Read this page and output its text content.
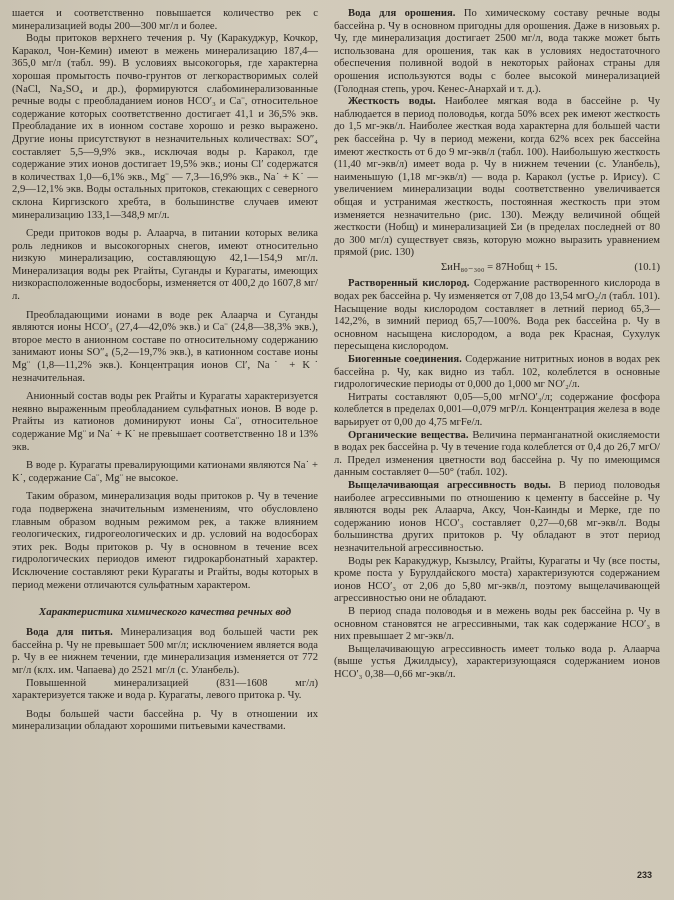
шается и соответственно повышается количество рек с минерализацией воды 200—300 мг/л и более.

Воды притоков верхнего течения р. Чу (Каракуджур, Кочкор, Каракол, Чон-Кемин) имеют в межень минерализацию 187,4—365,0 мг/л (табл. 99). В условиях высокогорья, где характерна хорошая промытость почво-грунтов от легкорастворимых солей (NaCl, Na₂SO₄ и др.), формируются слабоминерализованные речные воды с преобладанием ионов HCO′₃ и Ca¨, относительное содержание которых соответственно достигает 41,1 и 36,5% экв. Преобладание их в ионном составе хорошо и резко выражено. Другие ионы присутствуют в незначительных количествах: SO″₄ составляет 5,5—9,9% экв., исключая воды р. Каракол, где содержание этих ионов достигает 19,5% экв.; ионы Cl′ содержатся в количествах 1,0—6,1% экв., Mg¨ — 7,3—16,9% экв., Na˙ + K˙ — 2,9—12,1% экв. Воды остальных притоков, стекающих с северного склона Киргизского хребта, в большинстве случаев имеют минерализацию 133,1—348,9 мг/л.

Среди притоков воды р. Алаарча, в питании которых велика роль ледников и высокогорных снегов, имеют относительно низкую минерализацию, составляющую 42,1—154,9 мг/л. Минерализация воды рек Ргайты, Суганды и Курагаты, имеющих низкорасположенные водосборы, изменяется от 400,2 до 1607,8 мг/л.

Преобладающими ионами в воде рек Алаарча и Суганды являются ионы HCO′₃ (27,4—42,0% экв.) и Ca¨ (24,8—38,3% экв.), второе место в анионном составе по относительному содержанию занимают ионы SO″₄ (5,2—19,7% экв.), в катионном составе ионы Mg¨ (1,8—11,2% экв.). Концентрация ионов Cl′, Na˙ + K˙ незначительная.

Анионный состав воды рек Ргайты и Курагаты характеризуется неявно выраженным преобладанием сульфатных ионов. В воде р. Ргайты из катионов доминируют ионы Ca¨, относительное содержание Mg¨ и Na˙ + K˙ не превышает соответственно 18 и 13% экв.

В воде р. Курагаты превалирующими катионами являются Na˙ + K˙, содержание Ca¨, Mg¨ не высокое.

Таким образом, минерализация воды притоков р. Чу в течение года подвержена значительным изменениям, что обусловлено главным образом водным режимом рек, а также влиянием геологических, гидрогеологических и др. условий на водосборах этих рек. Воды притоков р. Чу в основном в течение всех гидрологических периодов имеют гидрокарбонатный характер. Исключение составляют реки Курагаты и Ргайты, воды которых в период межени отличаются сульфатным характером.

Характеристика химического качества речных вод

Вода для питья. Минерализация вод большей части рек бассейна р. Чу не превышает 500 мг/л; исключением является вода р. Чу в ее нижнем течении, где минерализация изменяется от 772 мг/л (клх. им. Чапаева) до 2521 мг/л (с. Уланбель).

Повышенной минерализацией (831—1608 мг/л) характеризуется также и вода р. Курагаты, левого притока р. Чу.

Воды большей части бассейна р. Чу в отношении их минерализации обладают хорошими питьевыми качествами.

Вода для орошения. По химическому составу речные воды бассейна р. Чу в основном пригодны для орошения. Даже в низовьях р. Чу, где минерализация достигает 2500 мг/л, вода также может быть использована для орошения, так как в условиях недостаточного обеспечения поливной водой в некоторых районах страны для орошения используются воды с более высокой минерализацией (Голодная степь, уроч. Кенес-Анархай и т. д.).

Жесткость воды. Наиболее мягкая вода в бассейне р. Чу наблюдается в период половодья, когда 50% всех рек имеют жесткость до 1,5 мг-экв/л. Наиболее жесткая вода характерна для большей части рек бассейна р. Чу в период межени, когда 62% всех рек бассейна имеют жесткость от 6 до 9 мг-экв/л (табл. 100). Наибольшую жесткость (11,40 мг-экв/л) имеет вода р. Чу в нижнем течении (с. Уланбель), наименьшую (1,18 мг-экв/л) — вода р. Каракол (устье р. Ирису). С увеличением минерализации воды соответственно увеличивается общая и устранимая жесткость, постоянная жесткость при этом изменяется незначительно (рис. 130). Между величиной общей жесткости (Hобщ) и минерализацией Σи (в пределах последней от 80 до 300 мг/л) существует связь, которую можно выразить уравнением прямой (рис. 130)

ΣиH₈₀₋₃₀₀ = 87Hобщ + 15.	(10.1)

Растворенный кислород. Содержание растворенного кислорода в водах рек бассейна р. Чу изменяется от 7,08 до 13,54 мгО₂/л (табл. 101). Насыщение воды кислородом составляет в летний период 65,3—142,2%, в зимний период 65,7—100%. Вода рек бассейна р. Чу в основном насыщена кислородом, а вода рек Красная, Сухулук пересыщена кислородом.

Биогенные соединения. Содержание нитритных ионов в водах рек бассейна р. Чу, как видно из табл. 102, колеблется в основные гидрологические периоды от 0,000 до 1,000 мг NO′₂/л.

Нитраты составляют 0,05—5,00 мгNO′₃/л; содержание фосфора колеблется в пределах 0,001—0,079 мгР/л. Концентрация железа в воде варьирует от 0,00 до 4,75 мгFe/л.

Органические вещества. Величина перманганатной окисляемости в водах рек бассейна р. Чу в течение года колеблется от 0,4 до 26,7 мгО/л. Предел изменения цветности вод бассейна р. Чу по имеющимся данным составляет 0—50° (табл. 102).

Выщелачивающая агрессивность воды. В период половодья наиболее агрессивными по отношению к цементу в бассейне р. Чу являются воды рек Алаарча, Аксу, Чон-Каинды и Мерке, где по содержанию ионов HCO′₃ составляет 0,27—0,68 мг-экв/л. Воды большинства других притоков р. Чу обладают в этот период незначительной агрессивностью.

Воды рек Каракуджур, Кызылсу, Ргайты, Курагаты и Чу (все посты, кроме поста у Бурулдайского моста) характеризуются содержанием ионов HCO′₃ от 2,06 до 5,80 мг-экв/л, поэтому выщелачивающей агрессивностью они не обладают.

В период спада половодья и в межень воды рек бассейна р. Чу в основном становятся не агрессивными, так как содержание HCO′₃ в них превышает 2 мг-экв/л.

Выщелачивающую агрессивность имеет только вода р. Алаарча (выше устья Джилдысу), характеризующаяся содержанием ионов HCO′₃ 0,38—0,66 мг-экв/л.

233
